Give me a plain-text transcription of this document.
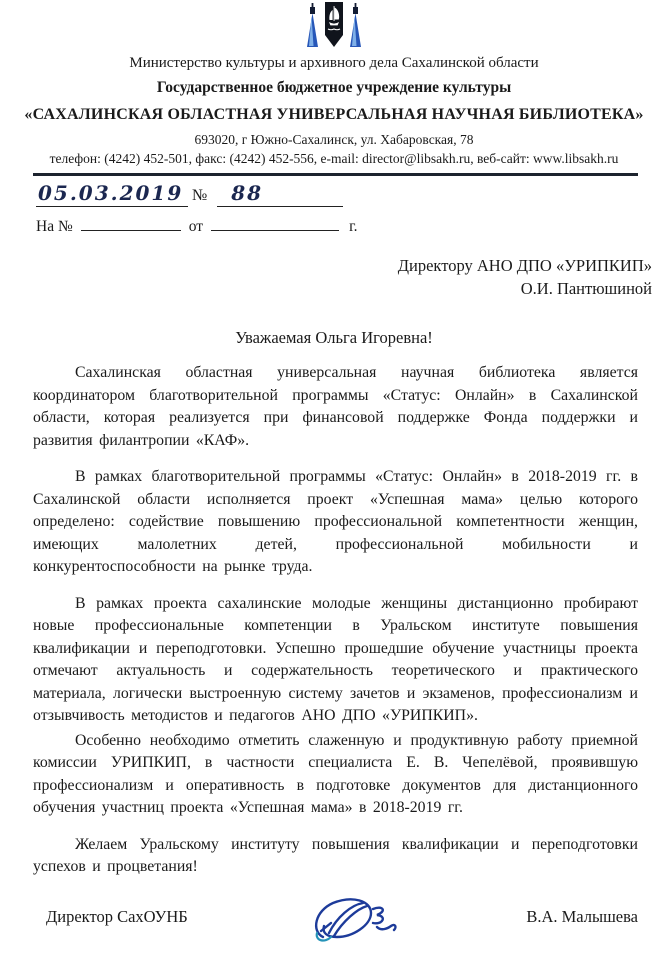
Министерство культуры и архивного дела Сахалинской области
Государственное бюджетное учреждение культуры
«САХАЛИНСКАЯ ОБЛАСТНАЯ УНИВЕРСАЛЬНАЯ НАУЧНАЯ БИБЛИОТЕКА»
693020, г Южно-Сахалинск, ул. Хабаровская, 78
телефон: (4242) 452-501, факс: (4242) 452-556, e-mail: director@libsakh.ru, веб-сайт: www.libsakh.ru
05.03.2019 № 88
На №	от	г.
Директору АНО ДПО «УРИПКИП»
О.И. Пантюшиной
Уважаемая Ольга Игоревна!

Сахалинская областная универсальная научная библиотека является координатором благотворительной программы «Статус: Онлайн» в Сахалинской области, которая реализуется при финансовой поддержке Фонда поддержки и развития филантропии «КАФ».

В рамках благотворительной программы «Статус: Онлайн» в 2018-2019 гг. в Сахалинской области исполняется проект «Успешная мама» целью которого определено: содействие повышению профессиональной компетентности женщин, имеющих малолетних детей, профессиональной мобильности и конкурентоспособности на рынке труда.

В рамках проекта сахалинские молодые женщины дистанционно пробирают новые профессиональные компетенции в Уральском институте повышения квалификации и переподготовки. Успешно прошедшие обучение участницы проекта отмечают актуальность и содержательность теоретического и практического материала, логически выстроенную систему зачетов и экзаменов, профессионализм и отзывчивость методистов и педагогов АНО ДПО «УРИПКИП».

Особенно необходимо отметить слаженную и продуктивную работу приемной комиссии УРИПКИП, в частности специалиста Е. В. Чепелёвой, проявившую профессионализм и оперативность в подготовке документов для дистанционного обучения участниц проекта «Успешная мама» в 2018-2019 гг.

Желаем Уральскому институту повышения квалификации и переподготовки успехов и процветания!

Директор СахОУНБ	В.А. Малышева
